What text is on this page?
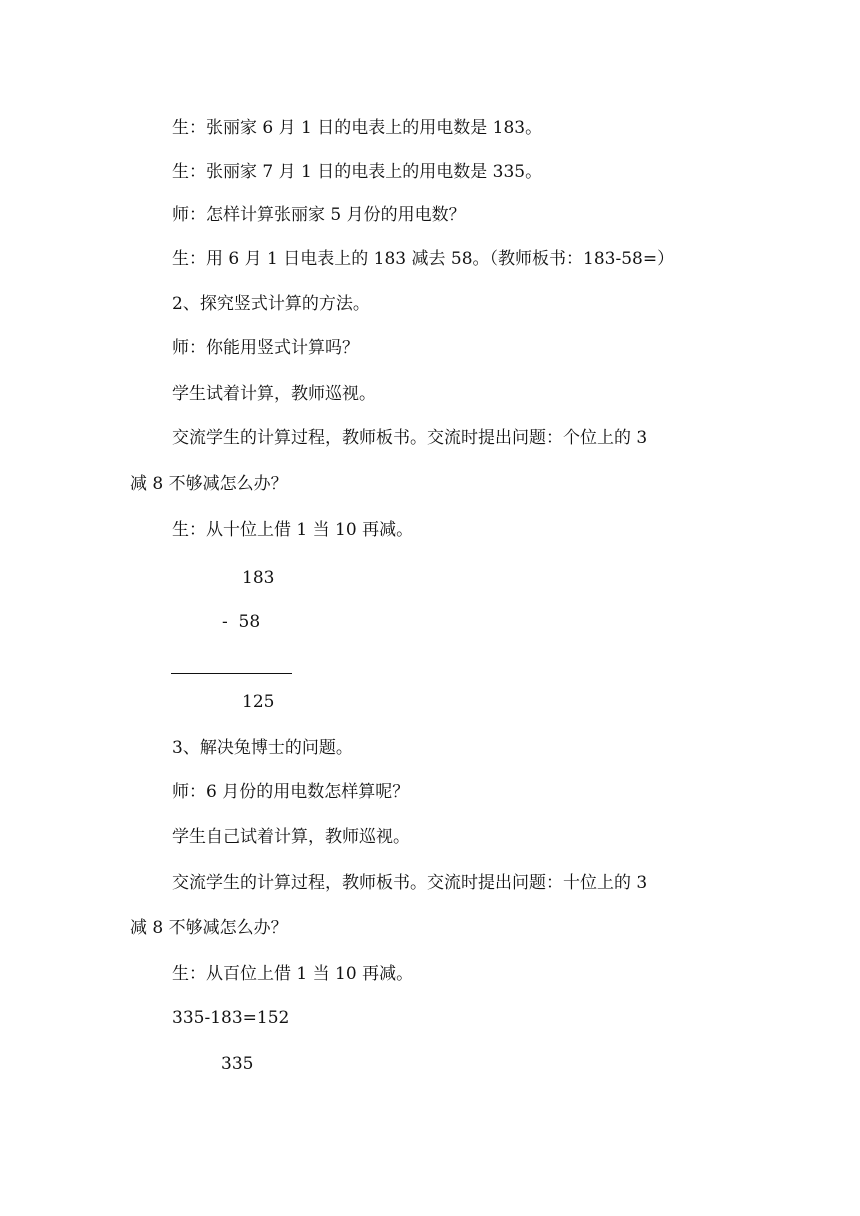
生：张丽家 6 月 1 日的电表上的用电数是 183。
生：张丽家 7 月 1 日的电表上的用电数是 335。
师：怎样计算张丽家 5 月份的用电数？
生：用 6 月 1 日电表上的 183 减去 58。（教师板书：183-58=）
2、探究竖式计算的方法。
师：你能用竖式计算吗？
学生试着计算，教师巡视。
交流学生的计算过程，教师板书。交流时提出问题：个位上的 3
减 8 不够减怎么办？
生：从十位上借 1 当 10 再减。
183
-  58
125
3、解决兔博士的问题。
师：6 月份的用电数怎样算呢？
学生自己试着计算，教师巡视。
交流学生的计算过程，教师板书。交流时提出问题：十位上的 3
减 8 不够减怎么办？
生：从百位上借 1 当 10 再减。
335-183=152
335
